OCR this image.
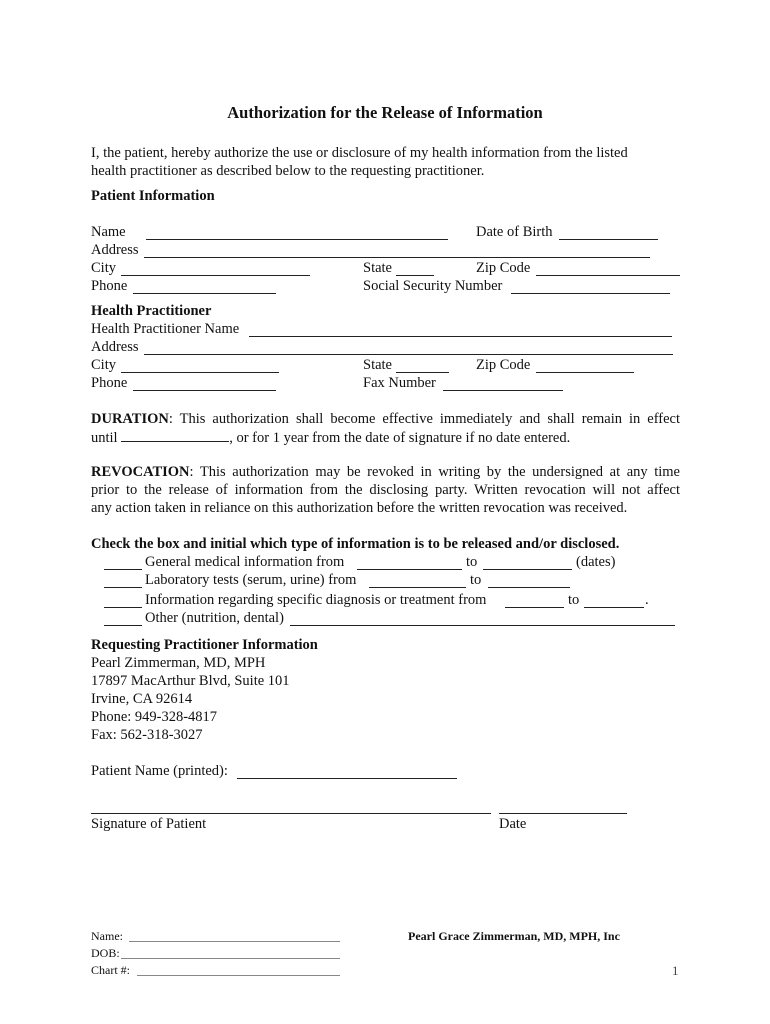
Authorization for the Release of Information
I, the patient, hereby authorize the use or disclosure of my health information from the listed
health practitioner as described below to the requesting practitioner.
Patient Information
Name	Date of Birth
Address
City	State	Zip Code
Phone	Social Security Number
Health Practitioner
Health Practitioner Name
Address
City	State	Zip Code
Phone	Fax Number
DURATION: This authorization shall become effective immediately and shall remain in effect
until	, or for 1 year from the date of signature if no date entered.
REVOCATION: This authorization may be revoked in writing by the undersigned at any time
prior to the release of information from the disclosing party. Written revocation will not affect
any action taken in reliance on this authorization before the written revocation was received.
Check the box and initial which type of information is to be released and/or disclosed.
General medical information from	to	(dates)
Laboratory tests (serum, urine) from	to
Information regarding specific diagnosis or treatment from	to	.
Other (nutrition, dental)
Requesting Practitioner Information
Pearl Zimmerman, MD, MPH
17897 MacArthur Blvd, Suite 101
Irvine, CA 92614
Phone: 949-328-4817
Fax: 562-318-3027
Patient Name (printed):
Signature of Patient	Date
Name:
DOB:
Chart #:
Pearl Grace Zimmerman, MD, MPH, Inc
1
